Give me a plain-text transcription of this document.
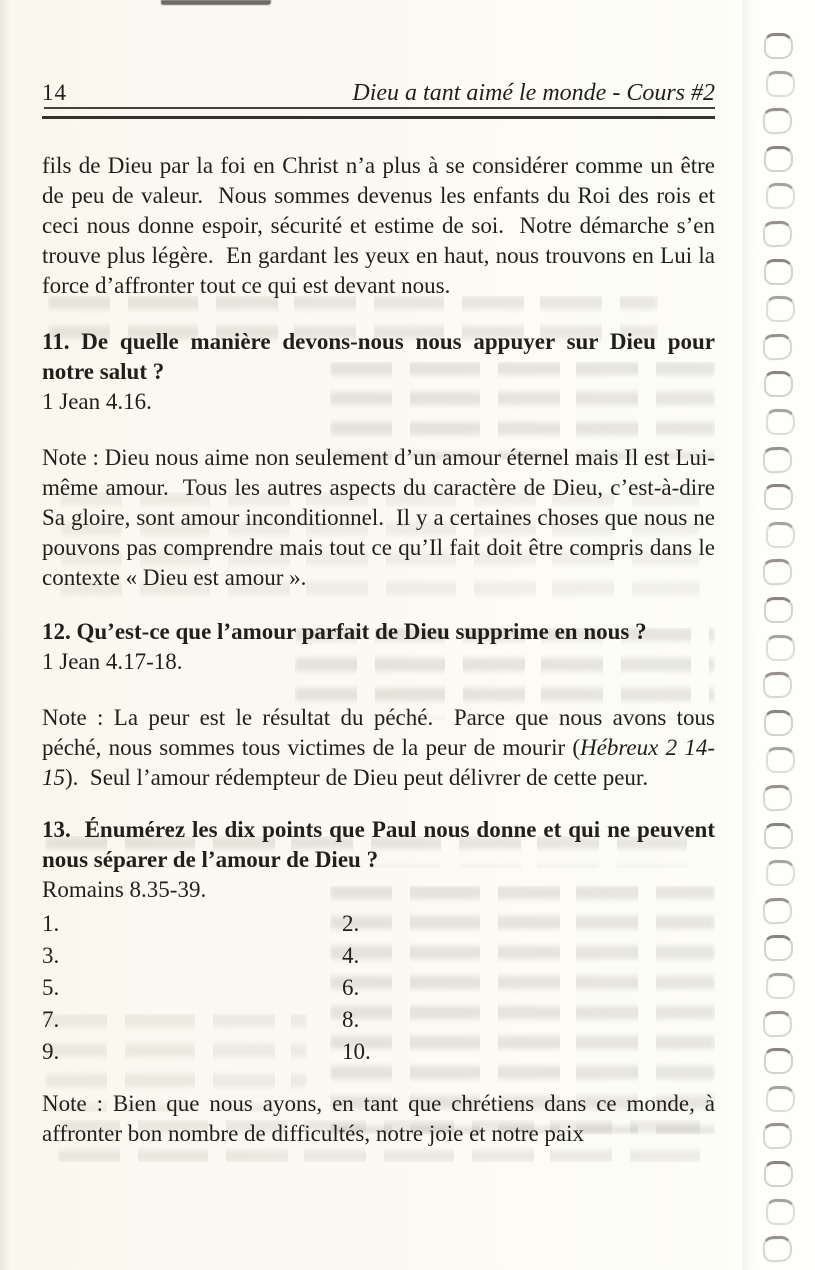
14	Dieu a tant aimé le monde - Cours #2

fils de Dieu par la foi en Christ n’a plus à se considérer comme un être de peu de valeur.  Nous sommes devenus les enfants du Roi des rois et ceci nous donne espoir, sécurité et estime de soi.  Notre démarche s’en trouve plus légère.  En gardant les yeux en haut, nous trouvons en Lui la force d’affronter tout ce qui est devant nous.

11. De quelle manière devons-nous nous appuyer sur Dieu pour notre salut ?

1 Jean 4.16.

Note : Dieu nous aime non seulement d’un amour éternel mais Il est Lui-même amour.  Tous les autres aspects du caractère de Dieu, c’est-à-dire Sa gloire, sont amour inconditionnel.  Il y a certaines choses que nous ne pouvons pas comprendre mais tout ce qu’Il fait doit être compris dans le contexte « Dieu est amour ».

12. Qu’est-ce que l’amour parfait de Dieu supprime en nous ?

1 Jean 4.17-18.

Note : La peur est le résultat du péché.  Parce que nous avons tous péché, nous sommes tous victimes de la peur de mourir (Hébreux 2 14-15).  Seul l’amour rédempteur de Dieu peut délivrer de cette peur.

13.  Énumérez les dix points que Paul nous donne et qui ne peuvent nous séparer de l’amour de Dieu ?

Romains 8.35-39.

1.	2.
3.	4.
5.	6.
7.	8.
9.	10.

Note : Bien que nous ayons, en tant que chrétiens dans ce monde, à affronter bon nombre de difficultés, notre joie et notre paix
